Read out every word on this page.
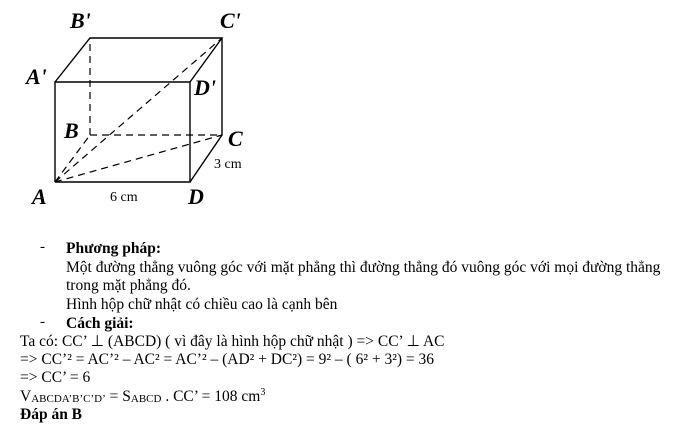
B'	C'
A'	D'
B	C
A	D
6 cm
3 cm
- Phương pháp:
Một đường thẳng vuông góc với mặt phẳng thì đường thẳng đó vuông góc với mọi đường thẳng
trong mặt phẳng đó.
Hình hộp chữ nhật có chiều cao là cạnh bên
- Cách giải:
Ta có: CC’ ⊥ (ABCD) ( vì đây là hình hộp chữ nhật ) => CC’ ⊥ AC
=> CC’² = AC’² – AC² = AC’² – (AD² + DC²) = 9² – ( 6² + 3²) = 36
=> CC’ = 6
$V_{ABCDA’B’C’D’} = S_{ABCD}$ . CC’ = 108 $cm^3$
Đáp án B
